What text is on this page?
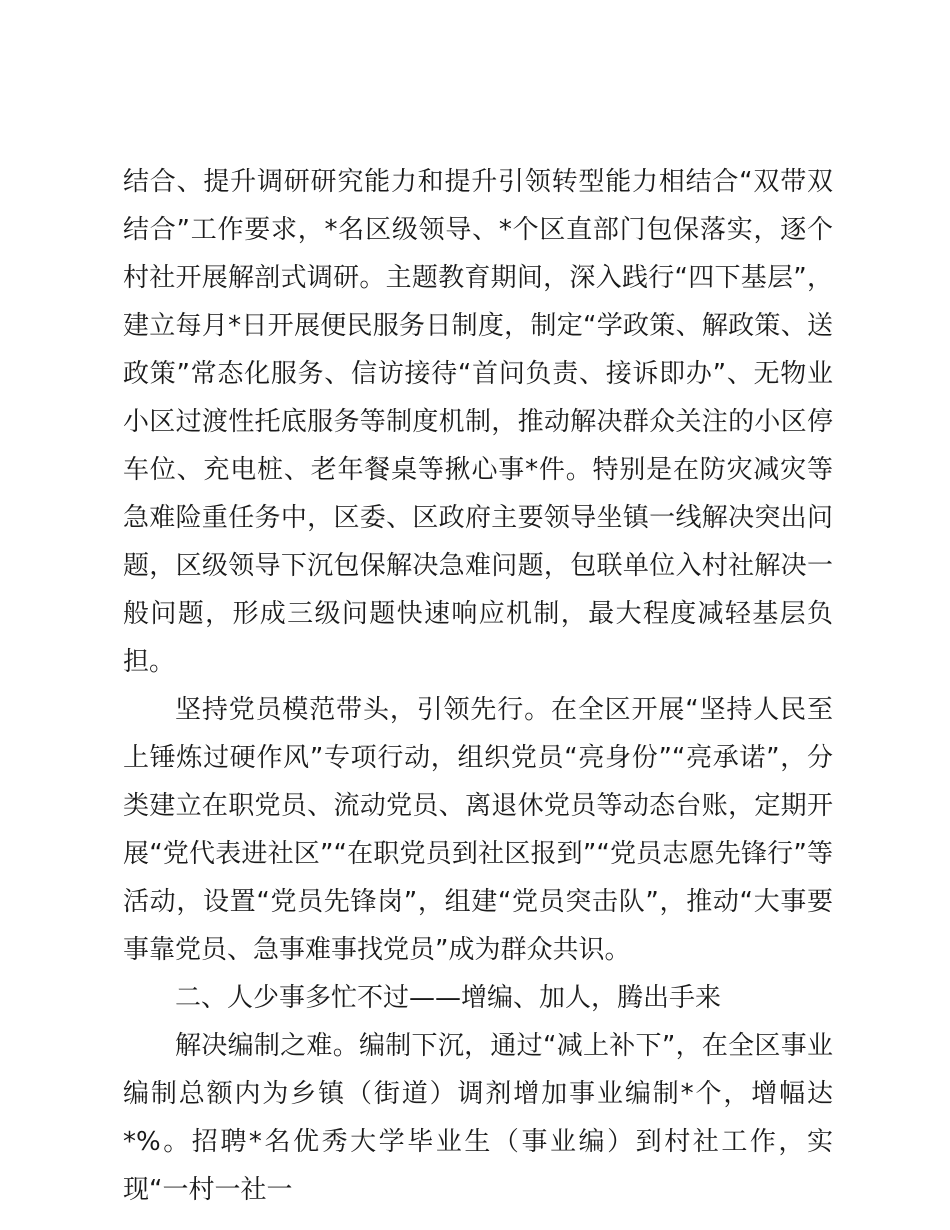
结合、提升调研研究能力和提升引领转型能力相结合“双带双结合”工作要求，*名区级领导、*个区直部门包保落实，逐个村社开展解剖式调研。主题教育期间，深入践行“四下基层”，建立每月*日开展便民服务日制度，制定“学政策、解政策、送政策”常态化服务、信访接待“首问负责、接诉即办”、无物业小区过渡性托底服务等制度机制，推动解决群众关注的小区停车位、充电桩、老年餐桌等揪心事*件。特别是在防灾减灾等急难险重任务中，区委、区政府主要领导坐镇一线解决突出问题，区级领导下沉包保解决急难问题，包联单位入村社解决一般问题，形成三级问题快速响应机制，最大程度减轻基层负担。

坚持党员模范带头，引领先行。在全区开展“坚持人民至上锤炼过硬作风”专项行动，组织党员“亮身份”“亮承诺”，分类建立在职党员、流动党员、离退休党员等动态台账，定期开展“党代表进社区”“在职党员到社区报到”“党员志愿先锋行”等活动，设置“党员先锋岗”，组建“党员突击队”，推动“大事要事靠党员、急事难事找党员”成为群众共识。

二、人少事多忙不过——增编、加人，腾出手来

解决编制之难。编制下沉，通过“减上补下”，在全区事业编制总额内为乡镇（街道）调剂增加事业编制*个，增幅达*%。招聘*名优秀大学毕业生（事业编）到村社工作，实现“一村一社一
